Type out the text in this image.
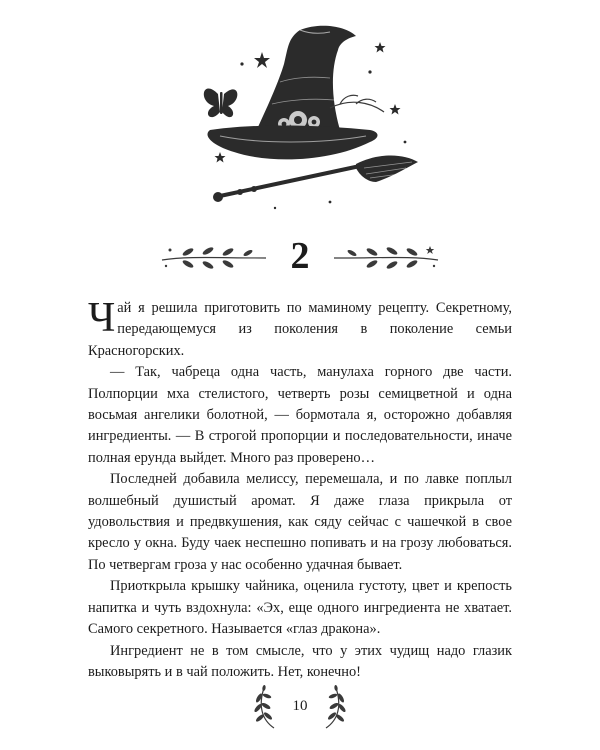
2

Чай я решила приготовить по маминому рецепту. Секретному, передающемуся из поколения в поколение семьи Красногорских.

— Так, чабреца одна часть, манулаха горного две части. Полпорции мха стелистого, четверть розы семицветной и одна восьмая ангелики болотной, — бормотала я, осторожно добавляя ингредиенты. — В строгой пропорции и последовательности, иначе полная ерунда выйдет. Много раз проверено…

Последней добавила мелиссу, перемешала, и по лавке поплыл волшебный душистый аромат. Я даже глаза прикрыла от удовольствия и предвкушения, как сяду сейчас с чашечкой в свое кресло у окна. Буду чаек неспешно попивать и на грозу любоваться. По четвергам гроза у нас особенно удачная бывает.

Приоткрыла крышку чайника, оценила густоту, цвет и крепость напитка и чуть вздохнула: «Эх, еще одного ингредиента не хватает. Самого секретного. Называется «глаз дракона».

Ингредиент не в том смысле, что у этих чудищ надо глазик выковырять и в чай положить. Нет, конечно!

10
